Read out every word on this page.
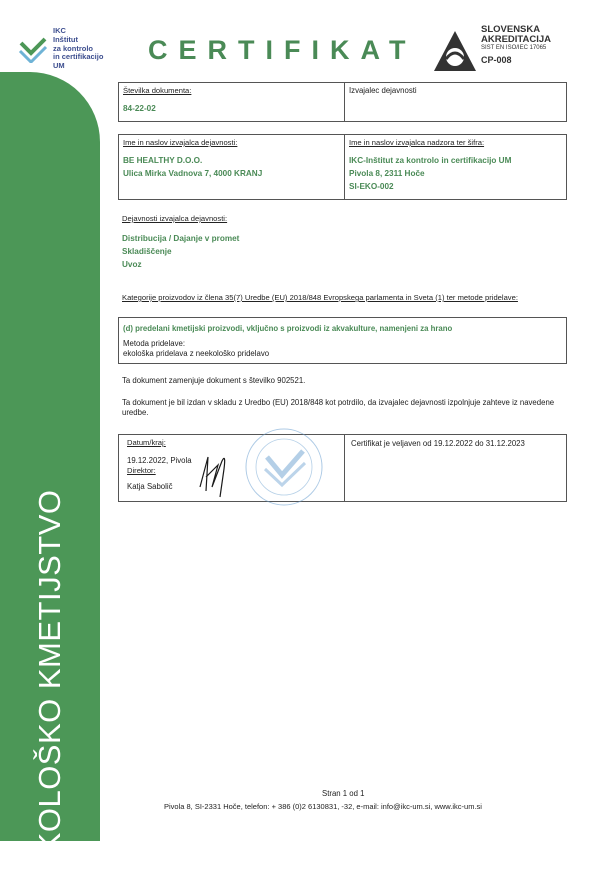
IKC
Inštitut
za kontrolo
in certifikacijo
UM
CERTIFIKAT
SLOVENSKA
AKREDITACIJA
SIST EN ISO/IEC 17065
CP-008
EKOLOŠKO KMETIJSTVO
Številka dokumenta:
84-22-02
Izvajalec dejavnosti
Ime in naslov izvajalca dejavnosti:
BE HEALTHY D.O.O.
Ulica Mirka Vadnova 7, 4000 KRANJ
Ime in naslov izvajalca nadzora ter šifra:
IKC-Inštitut za kontrolo in certifikacijo UM
Pivola 8, 2311 Hoče
SI-EKO-002
Dejavnosti izvajalca dejavnosti:
Distribucija / Dajanje v promet
Skladiščenje
Uvoz
Kategorije proizvodov iz člena 35(7) Uredbe (EU) 2018/848 Evropskega parlamenta in Sveta (1) ter metode pridelave:
(d) predelani kmetijski proizvodi, vključno s proizvodi iz akvakulture, namenjeni za hrano
Metoda pridelave:
ekološka pridelava z neekološko pridelavo
Ta dokument zamenjuje dokument s številko 902521.
Ta dokument je bil izdan v skladu z Uredbo (EU) 2018/848 kot potrdilo, da izvajalec dejavnosti izpolnjuje zahteve iz navedene uredbe.
Datum/kraj:
19.12.2022, Pivola
Direktor:
Katja Sabolič
Certifikat je veljaven od 19.12.2022 do 31.12.2023
Stran 1 od 1
Pivola 8, SI-2331 Hoče, telefon: + 386 (0)2 6130831, -32, e-mail: info@ikc-um.si, www.ikc-um.si
